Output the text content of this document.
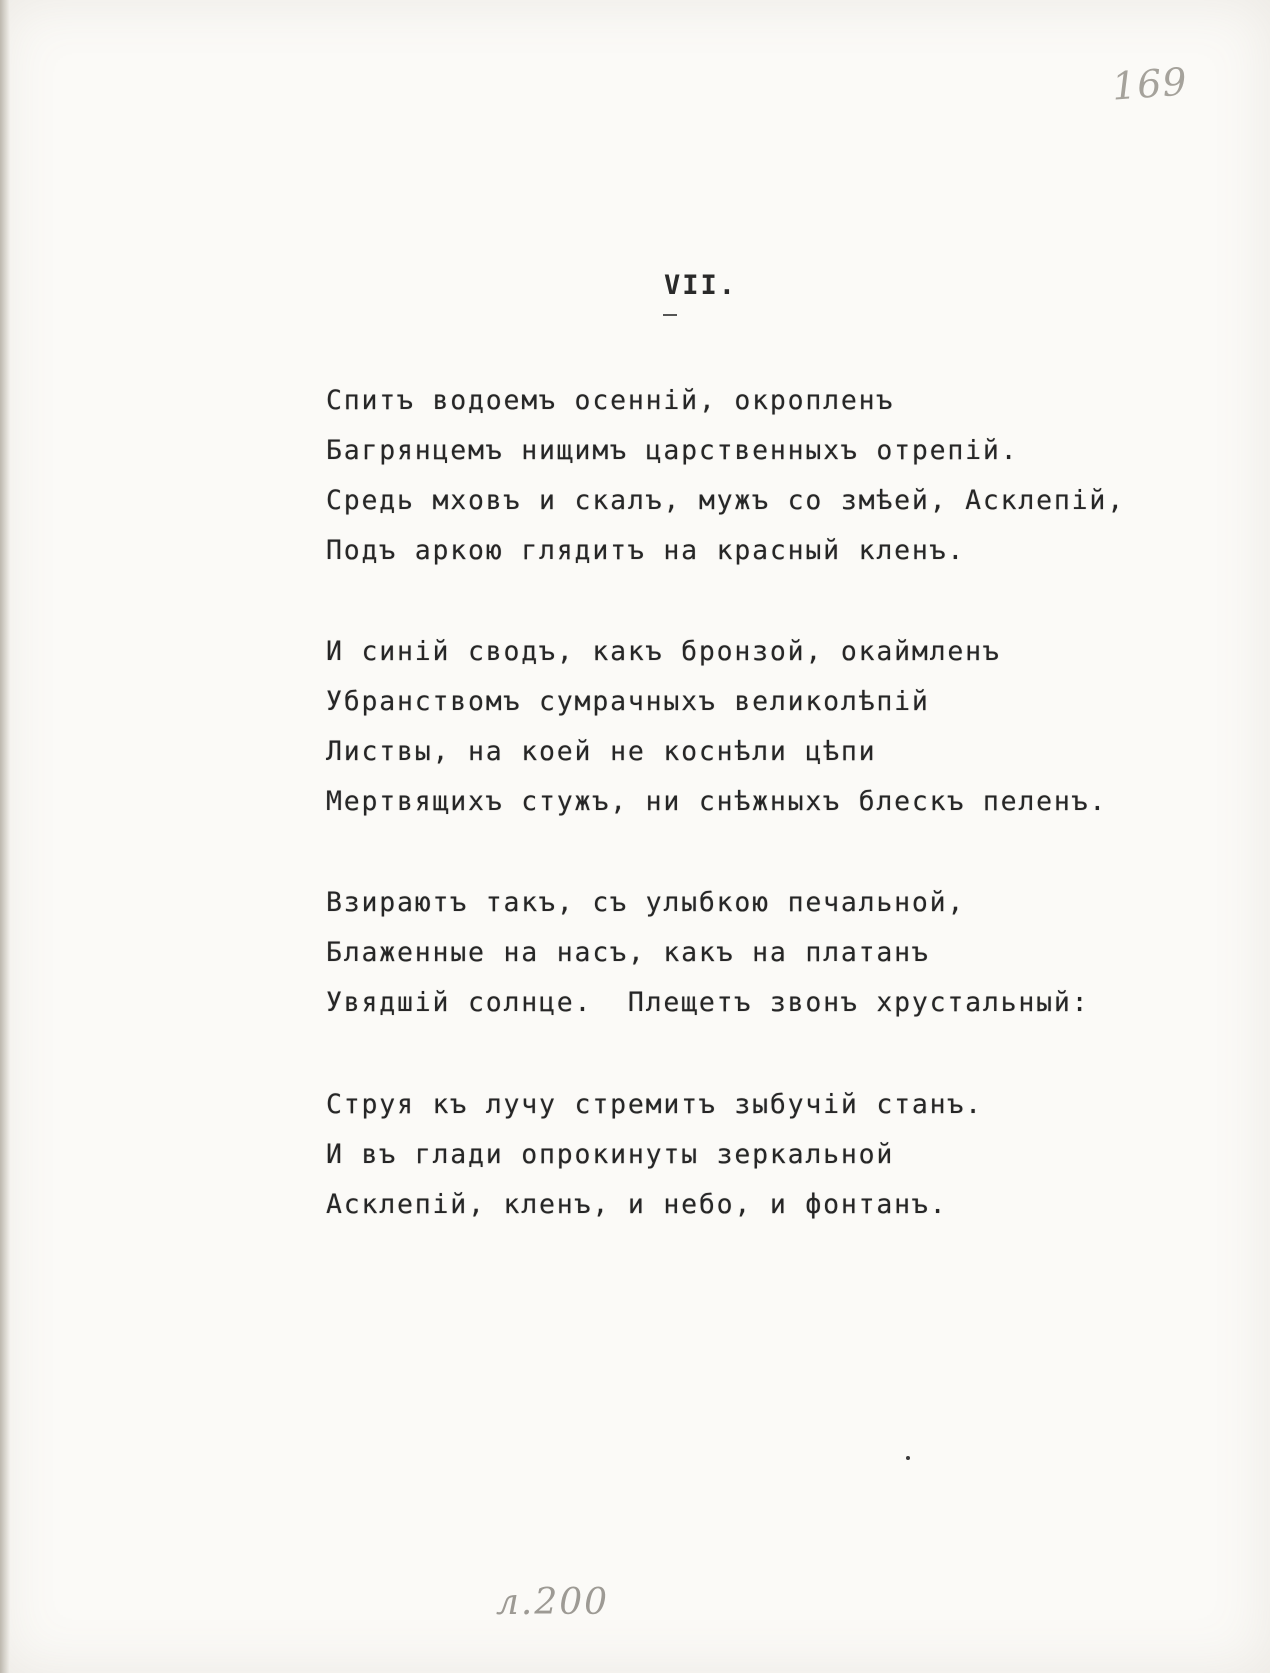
169
VII.
Спитъ водоемъ осенній, окропленъ
Багрянцемъ нищимъ царственныхъ отрепій.
Средь мховъ и скалъ, мужъ со змѣей, Асклепій,
Подъ аркою глядитъ на красный кленъ.
И синій сводъ, какъ бронзой, окаймленъ
Убранствомъ сумрачныхъ великолѣпій
Листвы, на коей не коснѣли цѣпи
Мертвящихъ стужъ, ни снѣжныхъ блескъ пеленъ.
Взираютъ такъ, съ улыбкою печальной,
Блаженные на насъ, какъ на платанъ
Увядшій солнце.  Плещетъ звонъ хрустальный:
Струя къ лучу стремитъ зыбучій станъ.
И въ глади опрокинуты зеркальной
Асклепій, кленъ, и небо, и фонтанъ.
л.200
